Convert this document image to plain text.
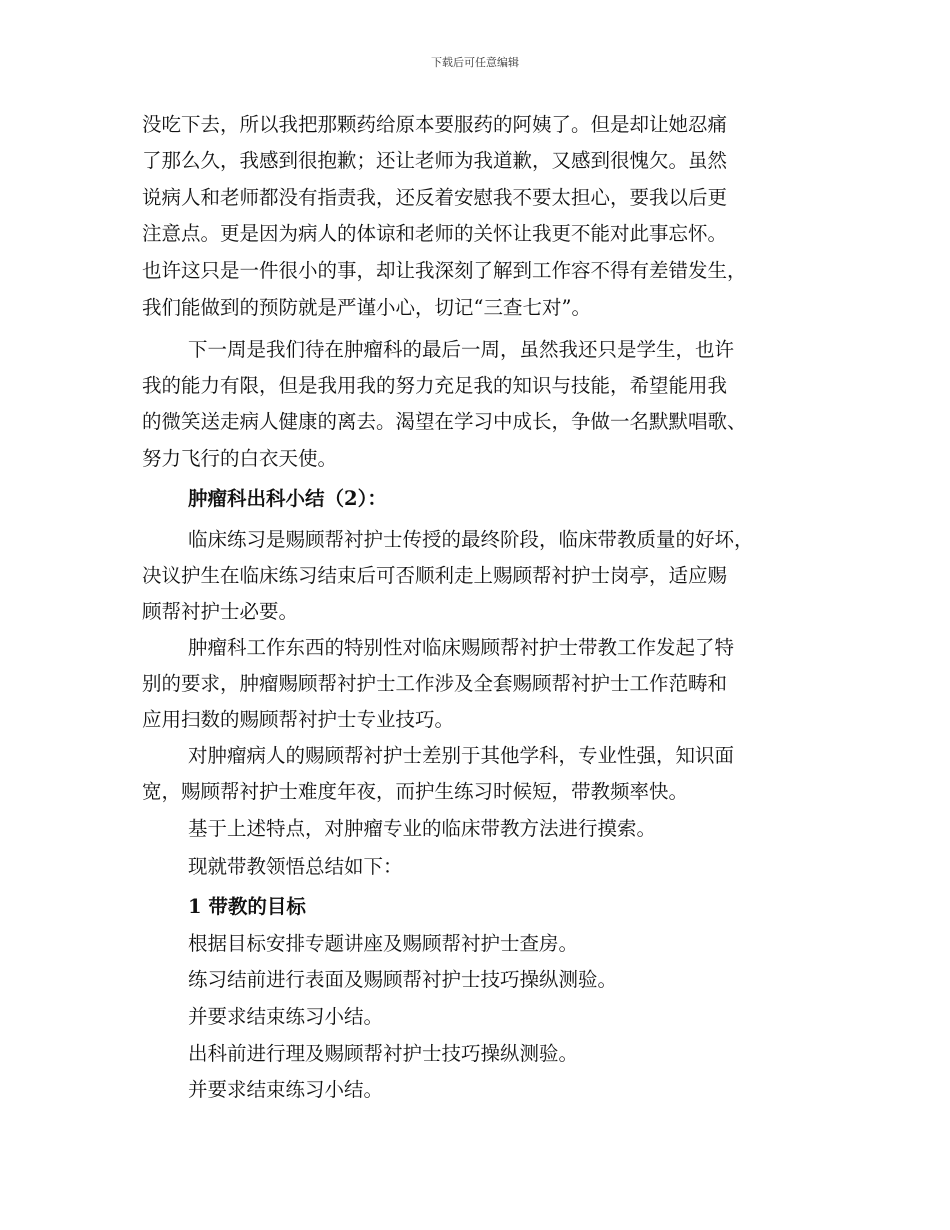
下载后可任意编辑
没吃下去，所以我把那颗药给原本要服药的阿姨了。但是却让她忍痛
了那么久，我感到很抱歉；还让老师为我道歉，又感到很愧欠。虽然
说病人和老师都没有指责我，还反着安慰我不要太担心，要我以后更
注意点。更是因为病人的体谅和老师的关怀让我更不能对此事忘怀。
也许这只是一件很小的事，却让我深刻了解到工作容不得有差错发生，
我们能做到的预防就是严谨小心，切记“三查七对”。
下一周是我们待在肿瘤科的最后一周，虽然我还只是学生，也许
我的能力有限，但是我用我的努力充足我的知识与技能，希望能用我
的微笑送走病人健康的离去。渴望在学习中成长，争做一名默默唱歌、
努力飞行的白衣天使。
肿瘤科出科小结（2）：
临床练习是赐顾帮衬护士传授的最终阶段，临床带教质量的好坏，
决议护生在临床练习结束后可否顺利走上赐顾帮衬护士岗亭，适应赐
顾帮衬护士必要。
肿瘤科工作东西的特别性对临床赐顾帮衬护士带教工作发起了特
别的要求，肿瘤赐顾帮衬护士工作涉及全套赐顾帮衬护士工作范畴和
应用扫数的赐顾帮衬护士专业技巧。
对肿瘤病人的赐顾帮衬护士差别于其他学科，专业性强，知识面
宽，赐顾帮衬护士难度年夜，而护生练习时候短，带教频率快。
基于上述特点，对肿瘤专业的临床带教方法进行摸索。
现就带教领悟总结如下：
1 带教的目标
根据目标安排专题讲座及赐顾帮衬护士查房。
练习结前进行表面及赐顾帮衬护士技巧操纵测验。
并要求结束练习小结。
出科前进行理及赐顾帮衬护士技巧操纵测验。
并要求结束练习小结。
